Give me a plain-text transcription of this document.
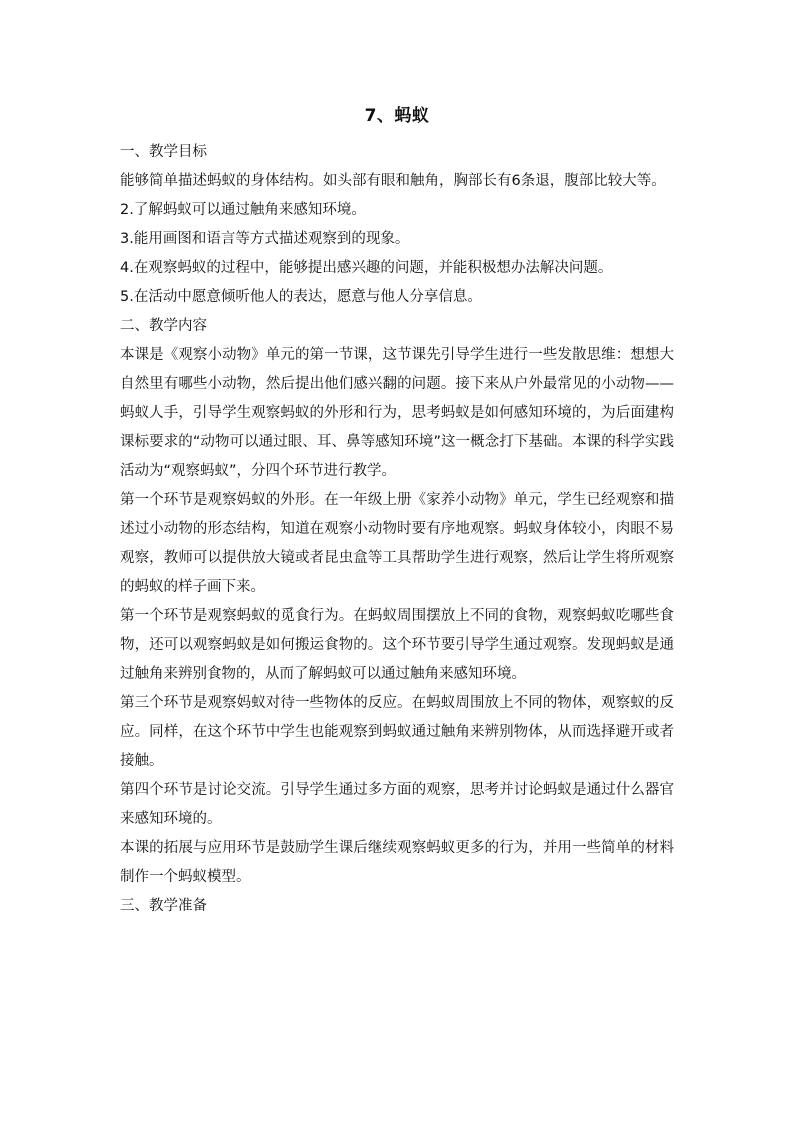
7、蚂蚁

一、教学目标

能够简单描述蚂蚁的身体结构。如头部有眼和触角，胸部长有6条退，腹部比较大等。

2.了解蚂蚁可以通过触角来感知环境。

3.能用画图和语言等方式描述观察到的现象。

4.在观察蚂蚁的过程中，能够提出感兴趣的问题，并能积极想办法解决问题。

5.在活动中愿意倾听他人的表达，愿意与他人分享信息。

二、教学内容

本课是《观察小动物》单元的第一节课，这节课先引导学生进行一些发散思维：想想大自然里有哪些小动物，然后提出他们感兴翻的问题。接下来从户外最常见的小动物——蚂蚁人手，引导学生观察蚂蚁的外形和行为，思考蚂蚁是如何感知环境的，为后面建构课标要求的“动物可以通过眼、耳、鼻等感知环境”这一概念打下基础。本课的科学实践活动为“观察蚂蚁”，分四个环节进行教学。

第一个环节是观察妈蚁的外形。在一年级上册《家养小动物》单元，学生已经观察和描述过小动物的形态结构，知道在观察小动物时要有序地观察。蚂蚁身体较小，肉眼不易观察，教师可以提供放大镜或者昆虫盒等工具帮助学生进行观察，然后让学生将所观察的蚂蚁的样子画下来。

第一个环节是观察蚂蚁的觅食行为。在蚂蚁周围摆放上不同的食物，观察蚂蚁吃哪些食物，还可以观察蚂蚁是如何搬运食物的。这个环节要引导学生通过观察。发现蚂蚁是通过触角来辨别食物的，从而了解蚂蚁可以通过触角来感知环境。

第三个环节是观察妈蚁对待一些物体的反应。在蚂蚁周围放上不同的物体，观察蚁的反应。同样，在这个环节中学生也能观察到蚂蚁通过触角来辨别物体，从而选择避开或者接触。

第四个环节是讨论交流。引导学生通过多方面的观察，思考并讨论蚂蚁是通过什么器官来感知环境的。

本课的拓展与应用环节是鼓励学生课后继续观察蚂蚁更多的行为，并用一些简单的材料制作一个蚂蚁模型。

三、教学准备
